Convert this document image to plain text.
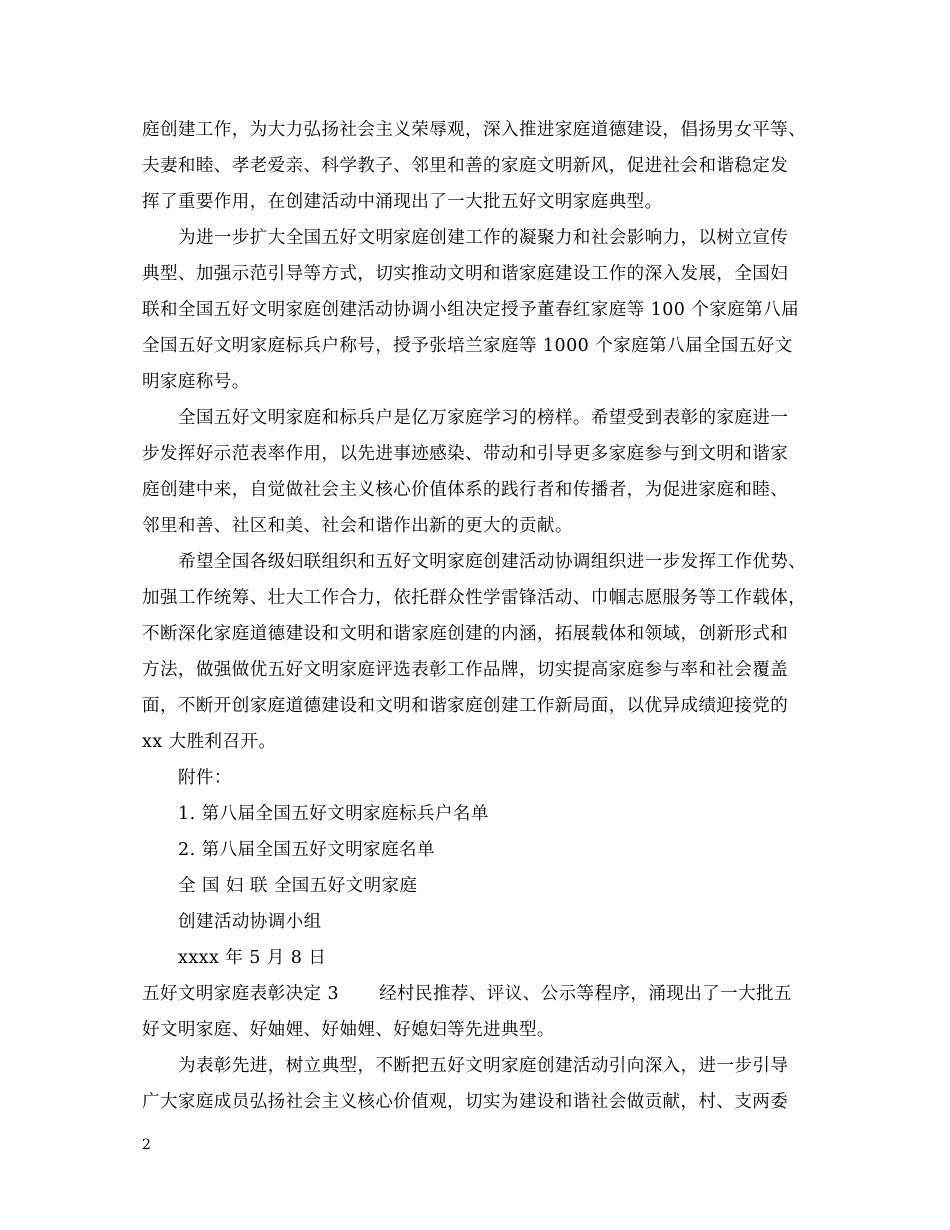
庭创建工作，为大力弘扬社会主义荣辱观，深入推进家庭道德建设，倡扬男女平等、
夫妻和睦、孝老爱亲、科学教子、邻里和善的家庭文明新风，促进社会和谐稳定发
挥了重要作用，在创建活动中涌现出了一大批五好文明家庭典型。
为进一步扩大全国五好文明家庭创建工作的凝聚力和社会影响力，以树立宣传
典型、加强示范引导等方式，切实推动文明和谐家庭建设工作的深入发展，全国妇
联和全国五好文明家庭创建活动协调小组决定授予董春红家庭等 100 个家庭第八届
全国五好文明家庭标兵户称号，授予张培兰家庭等 1000 个家庭第八届全国五好文
明家庭称号。
全国五好文明家庭和标兵户是亿万家庭学习的榜样。希望受到表彰的家庭进一
步发挥好示范表率作用，以先进事迹感染、带动和引导更多家庭参与到文明和谐家
庭创建中来，自觉做社会主义核心价值体系的践行者和传播者，为促进家庭和睦、
邻里和善、社区和美、社会和谐作出新的更大的贡献。
希望全国各级妇联组织和五好文明家庭创建活动协调组织进一步发挥工作优势、
加强工作统筹、壮大工作合力，依托群众性学雷锋活动、巾帼志愿服务等工作载体，
不断深化家庭道德建设和文明和谐家庭创建的内涵，拓展载体和领域，创新形式和
方法，做强做优五好文明家庭评选表彰工作品牌，切实提高家庭参与率和社会覆盖
面，不断开创家庭道德建设和文明和谐家庭创建工作新局面，以优异成绩迎接党的
xx 大胜利召开。
附件：
1. 第八届全国五好文明家庭标兵户名单
2. 第八届全国五好文明家庭名单
全 国 妇 联 全国五好文明家庭
创建活动协调小组
xxxx 年 5 月 8 日
五好文明家庭表彰决定 3 经村民推荐、评议、公示等程序，涌现出了一大批五
好文明家庭、好妯娌、好妯娌、好媳妇等先进典型。
为表彰先进，树立典型，不断把五好文明家庭创建活动引向深入，进一步引导
广大家庭成员弘扬社会主义核心价值观，切实为建设和谐社会做贡献，村、支两委
2
